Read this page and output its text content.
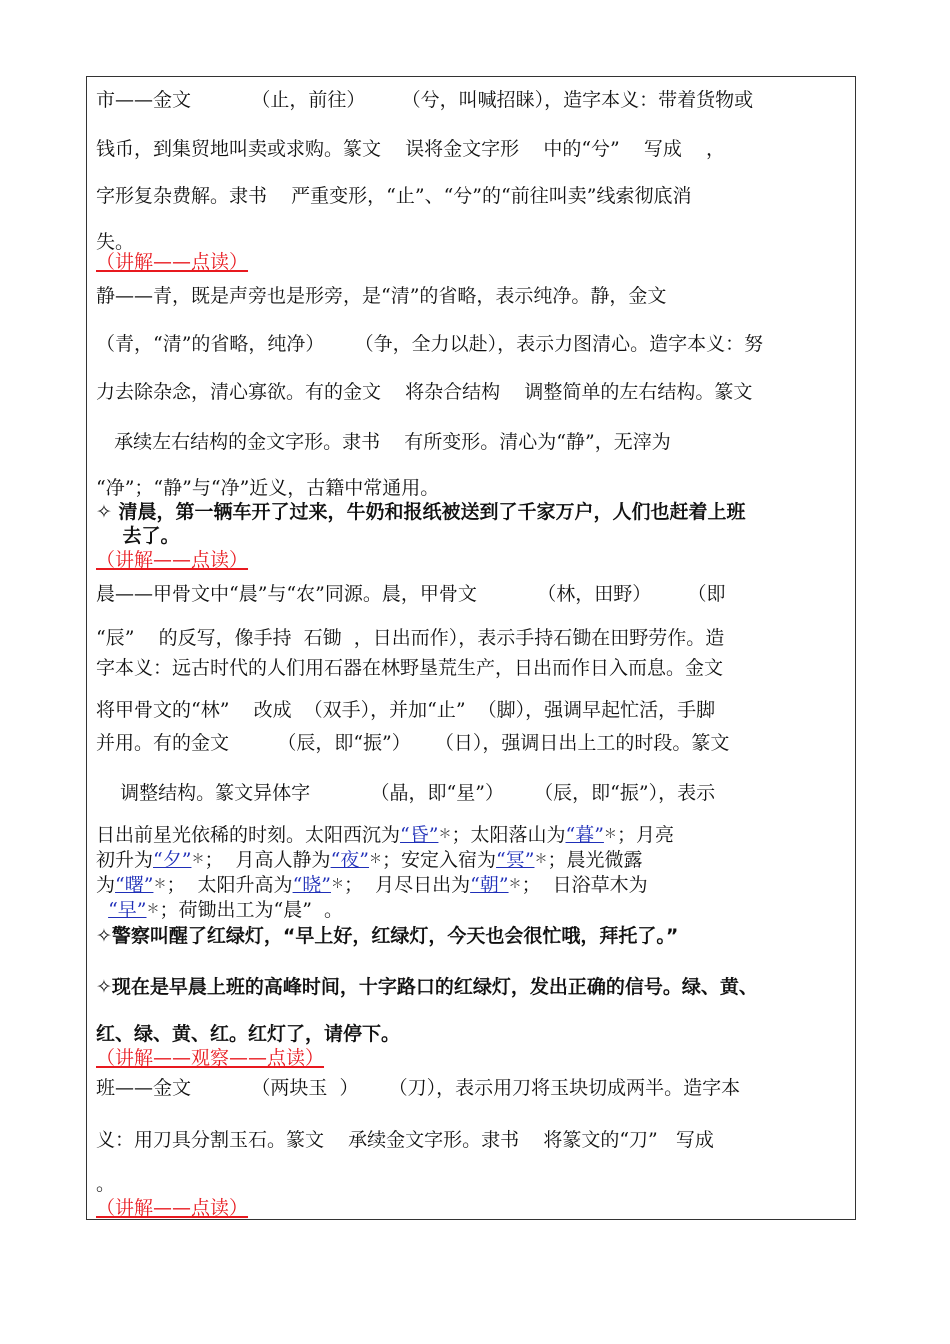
市——金文          （止，前往）      （兮，叫喊招睐），造字本义：带着货物或
钱币，到集贸地叫卖或求购。篆文    误将金文字形    中的“兮”    写成    ，
字形复杂费解。隶书    严重变形，“止”、“兮”的“前往叫卖”线索彻底消
失。
（讲解——点读）
静——青，既是声旁也是形旁，是“清”的省略，表示纯净。静，金文
（青，“清”的省略，纯净）     （争，全力以赴），表示力图清心。造字本义：努
力去除杂念，清心寡欲。有的金文    将杂合结构    调整简单的左右结构。篆文
承续左右结构的金文字形。隶书    有所变形。清心为“静”，无滓为
“净”；“静”与“净”近义，古籍中常通用。
✧ 清晨，第一辆车开了过来，牛奶和报纸被送到了千家万户，人们也赶着上班
去了。
（讲解——点读）
晨——甲骨文中“晨”与“农”同源。晨，甲骨文          （林，田野）      （即
“辰”    的反写，像手持  石锄  ，日出而作），表示手持石锄在田野劳作。造
字本义：远古时代的人们用石器在林野垦荒生产，日出而作日入而息。金文
将甲骨文的“林”    改成  （双手），并加“止”  （脚），强调早起忙活，手脚
并用。有的金文        （辰，即“振”）    （日），强调日出上工的时段。篆文
调整结构。篆文异体字          （晶，即“星”）     （辰，即“振”），表示
日出前星光依稀的时刻。太阳西沉为“昏”＊；太阳落山为“暮”＊；月亮
初升为“夕”＊；  月高人静为“夜”＊；安定入宿为“冥”＊；晨光微露
为“曙”＊；  太阳升高为“晓”＊；  月尽日出为“朝”＊；  日浴草木为
“早”＊；荷锄出工为“晨”  。
✧警察叫醒了红绿灯，“早上好，红绿灯，今天也会很忙哦，拜托了。”
✧现在是早晨上班的高峰时间，十字路口的红绿灯，发出正确的信号。绿、黄、
红、绿、黄、红。红灯了，请停下。
（讲解——观察——点读）
班——金文          （两块玉  ）     （刀），表示用刀将玉块切成两半。造字本
义：用刀具分割玉石。篆文    承续金文字形。隶书    将篆文的“刀”   写成
。
（讲解——点读）
